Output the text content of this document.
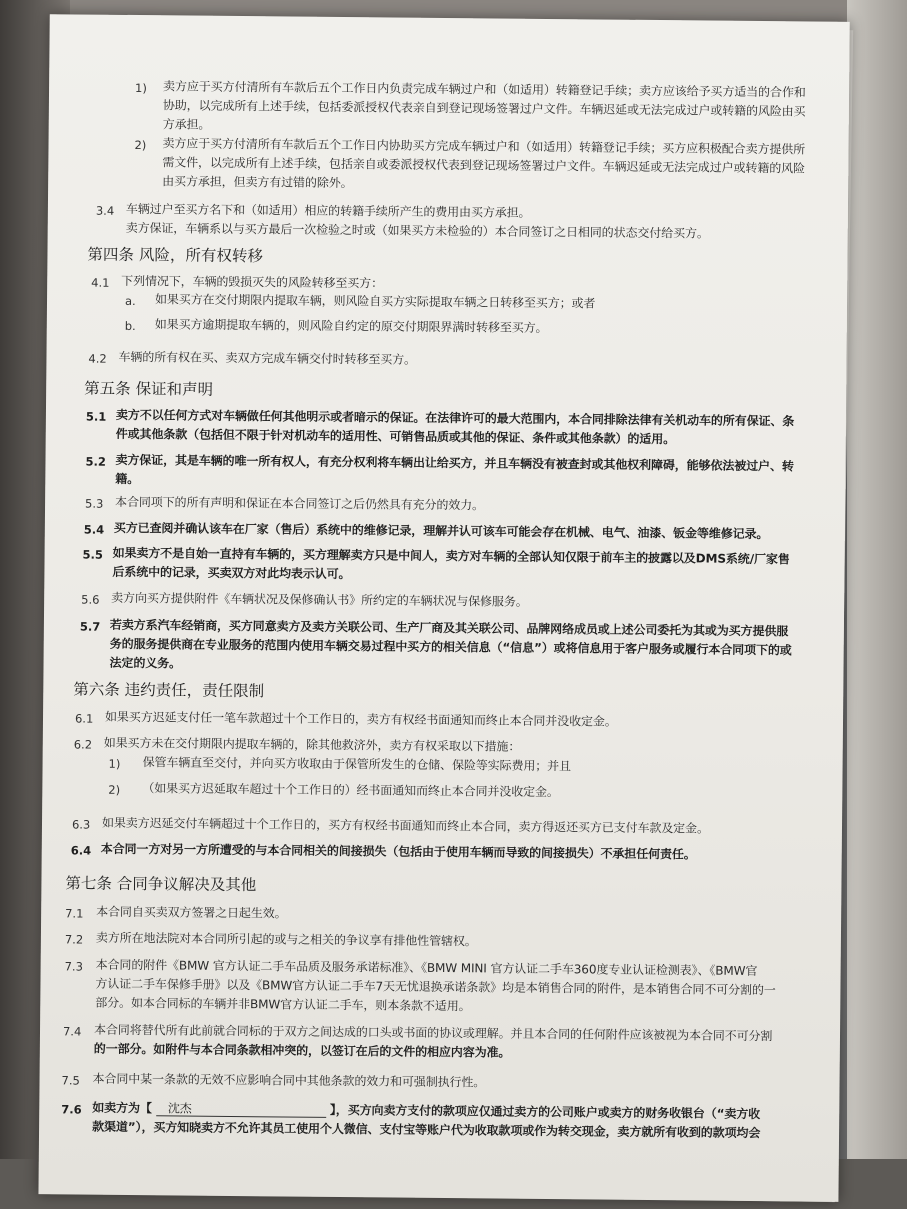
1) 卖方应于买方付清所有车款后五个工作日内负责完成车辆过户和（如适用）转籍登记手续；卖方应该给予买方适当的合作和
协助，以完成所有上述手续，包括委派授权代表亲自到登记现场签署过户文件。车辆迟延或无法完成过户或转籍的风险由买
方承担。
2) 卖方应于买方付清所有车款后五个工作日内协助买方完成车辆过户和（如适用）转籍登记手续；买方应积极配合卖方提供所
需文件，以完成所有上述手续，包括亲自或委派授权代表到登记现场签署过户文件。车辆迟延或无法完成过户或转籍的风险
由买方承担，但卖方有过错的除外。
3.4 车辆过户至买方名下和（如适用）相应的转籍手续所产生的费用由买方承担。
卖方保证，车辆系以与买方最后一次检验之时或（如果买方未检验的）本合同签订之日相同的状态交付给买方。
第四条 风险，所有权转移
4.1 下列情况下，车辆的毁损灭失的风险转移至买方：
a. 如果买方在交付期限内提取车辆，则风险自买方实际提取车辆之日转移至买方；或者
b. 如果买方逾期提取车辆的，则风险自约定的原交付期限界满时转移至买方。
4.2 车辆的所有权在买、卖双方完成车辆交付时转移至买方。
第五条 保证和声明
5.1 卖方不以任何方式对车辆做任何其他明示或者暗示的保证。在法律许可的最大范围内，本合同排除法律有关机动车的所有保证、条
件或其他条款（包括但不限于针对机动车的适用性、可销售品质或其他的保证、条件或其他条款）的适用。
5.2 卖方保证，其是车辆的唯一所有权人，有充分权利将车辆出让给买方，并且车辆没有被查封或其他权利障碍，能够依法被过户、转
籍。
5.3 本合同项下的所有声明和保证在本合同签订之后仍然具有充分的效力。
5.4 买方已查阅并确认该车在厂家（售后）系统中的维修记录，理解并认可该车可能会存在机械、电气、油漆、钣金等维修记录。
5.5 如果卖方不是自始一直持有车辆的，买方理解卖方只是中间人，卖方对车辆的全部认知仅限于前车主的披露以及DMS系统/厂家售
后系统中的记录，买卖双方对此均表示认可。
5.6 卖方向买方提供附件《车辆状况及保修确认书》所约定的车辆状况与保修服务。
5.7 若卖方系汽车经销商，买方同意卖方及卖方关联公司、生产厂商及其关联公司、品牌网络成员或上述公司委托为其或为买方提供服
务的服务提供商在专业服务的范围内使用车辆交易过程中买方的相关信息（“信息”）或将信息用于客户服务或履行本合同项下的或
法定的义务。
第六条 违约责任，责任限制
6.1 如果买方迟延支付任一笔车款超过十个工作日的，卖方有权经书面通知而终止本合同并没收定金。
6.2 如果买方未在交付期限内提取车辆的，除其他救济外，卖方有权采取以下措施：
1) 保管车辆直至交付，并向买方收取由于保管所发生的仓储、保险等实际费用；并且
2) （如果买方迟延取车超过十个工作日的）经书面通知而终止本合同并没收定金。
6.3 如果卖方迟延交付车辆超过十个工作日的，买方有权经书面通知而终止本合同，卖方得返还买方已支付车款及定金。
6.4 本合同一方对另一方所遭受的与本合同相关的间接损失（包括由于使用车辆而导致的间接损失）不承担任何责任。
第七条 合同争议解决及其他
7.1 本合同自买卖双方签署之日起生效。
7.2 卖方所在地法院对本合同所引起的或与之相关的争议享有排他性管辖权。
7.3 本合同的附件《BMW 官方认证二手车品质及服务承诺标准》、《BMW MINI 官方认证二手车360度专业认证检测表》、《BMW官
方认证二手车保修手册》以及《BMW官方认证二手车7天无忧退换承诺条款》均是本销售合同的附件，是本销售合同不可分割的一
部分。如本合同标的车辆并非BMW官方认证二手车，则本条款不适用。
7.4 本合同将替代所有此前就合同标的于双方之间达成的口头或书面的协议或理解。并且本合同的任何附件应该被视为本合同不可分割
的一部分。如附件与本合同条款相冲突的，以签订在后的文件的相应内容为准。
7.5 本合同中某一条款的无效不应影响合同中其他条款的效力和可强制执行性。
7.6 如卖方为【 沈杰	】，买方向卖方支付的款项应仅通过卖方的公司账户或卖方的财务收银台（“卖方收
款渠道”），买方知晓卖方不允许其员工使用个人微信、支付宝等账户代为收取款项或作为转交现金，卖方就所有收到的款项均会
